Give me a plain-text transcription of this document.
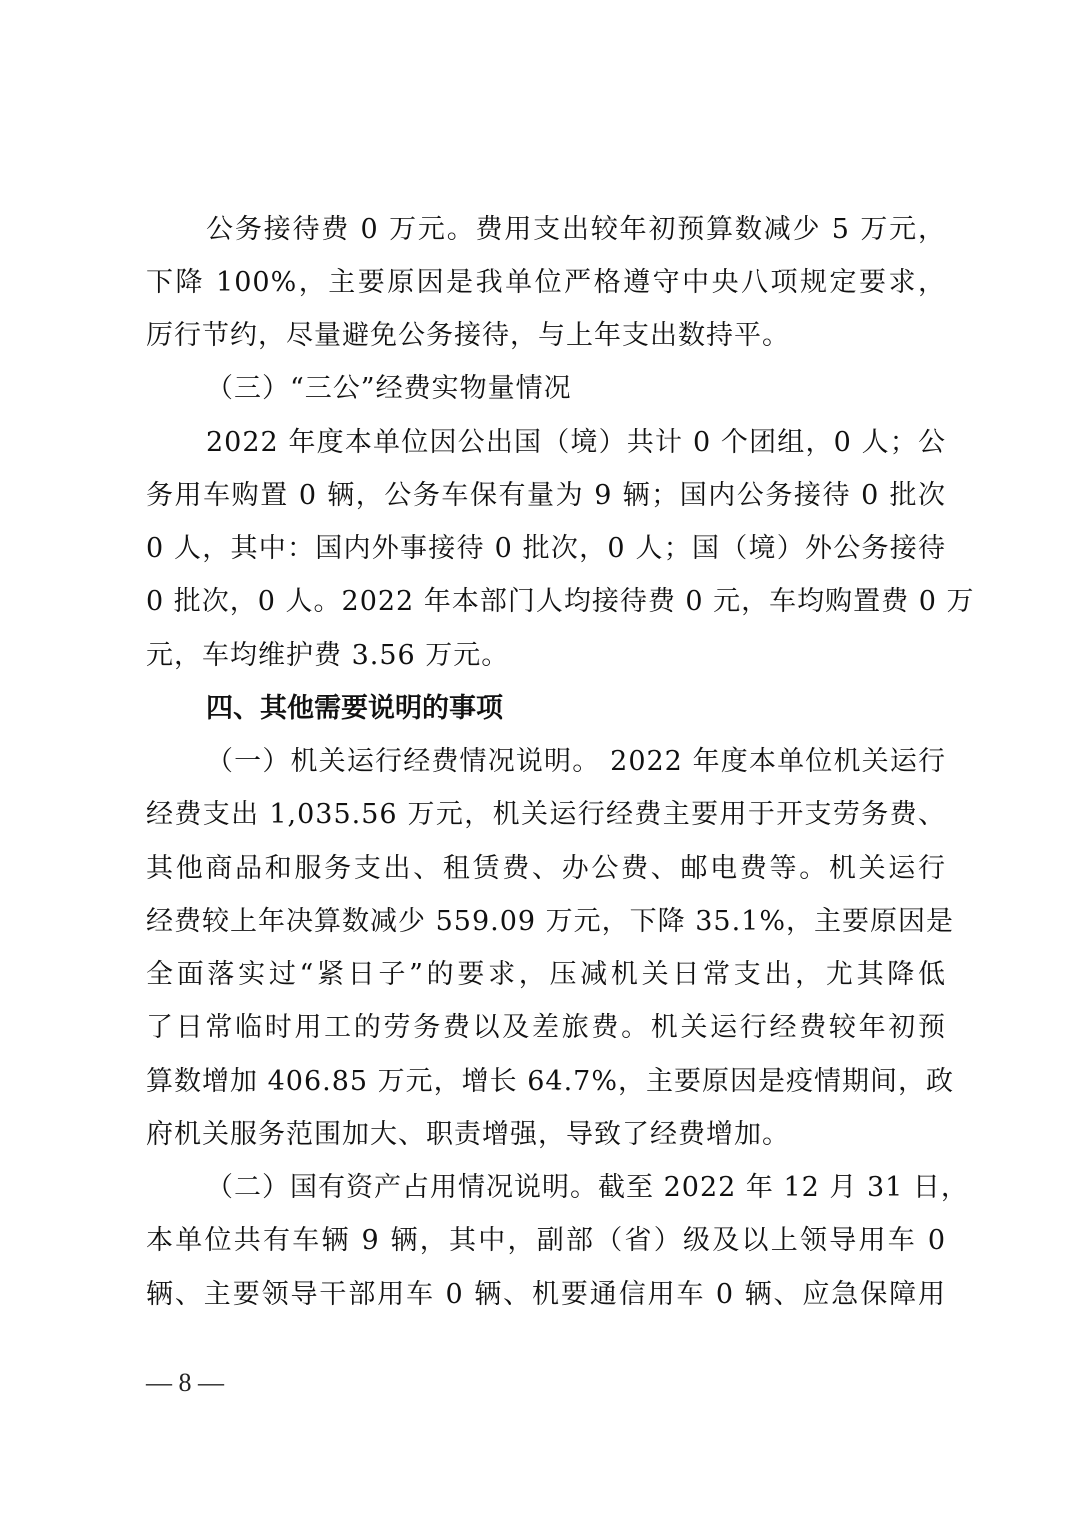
公务接待费 0 万元。费用支出较年初预算数减少 5 万元，
下降 100%，主要原因是我单位严格遵守中央八项规定要求，
厉行节约，尽量避免公务接待，与上年支出数持平。
（三）“三公”经费实物量情况
2022 年度本单位因公出国（境）共计 0 个团组，0 人；公
务用车购置 0 辆，公务车保有量为 9 辆；国内公务接待 0 批次
0 人，其中：国内外事接待 0 批次，0 人；国（境）外公务接待
0 批次，0 人。2022 年本部门人均接待费 0 元，车均购置费 0 万
元，车均维护费 3.56 万元。
四、其他需要说明的事项
（一）机关运行经费情况说明。 2022 年度本单位机关运行
经费支出 1,035.56 万元，机关运行经费主要用于开支劳务费、
其他商品和服务支出、租赁费、办公费、邮电费等。机关运行
经费较上年决算数减少 559.09 万元，下降 35.1%，主要原因是
全面落实过“紧日子”的要求，压减机关日常支出，尤其降低
了日常临时用工的劳务费以及差旅费。机关运行经费较年初预
算数增加 406.85 万元，增长 64.7%，主要原因是疫情期间，政
府机关服务范围加大、职责增强，导致了经费增加。
（二）国有资产占用情况说明。截至 2022 年 12 月 31 日，
本单位共有车辆 9 辆，其中，副部（省）级及以上领导用车 0
辆、主要领导干部用车 0 辆、机要通信用车 0 辆、应急保障用
— 8 —
